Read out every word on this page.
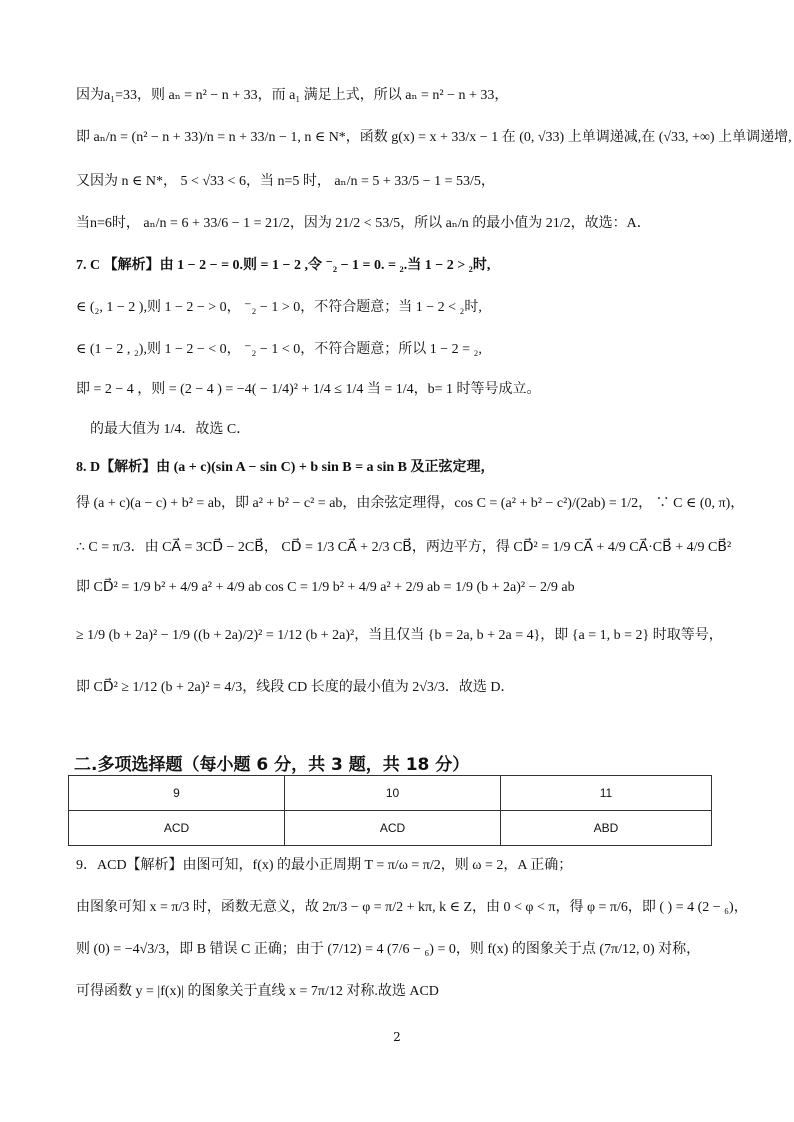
因为a₁=33，则 aₙ = n² − n + 33，而 a₁ 满足上式，所以 aₙ = n² − n + 33，
即 aₙ/n = (n² − n + 33)/n = n + 33/n − 1, n ∈ N*，函数 g(x) = x + 33/x − 1 在 (0, √33) 上单调递减,在 (√33, +∞) 上单调递增,
又因为 n ∈ N*， 5 < √33 < 6，当 n=5 时， aₙ/n = 5 + 33/5 − 1 = 53/5，
当n=6时， aₙ/n = 6 + 33/6 − 1 = 21/2，因为 21/2 < 53/5，所以 aₙ/n 的最小值为 21/2，故选：A．
7. C 【解析】由 1 − 2 − = 0.则 = 1 − 2 ,令 ⁻₂ − 1 = 0. = ₂.当 1 − 2 > ₂时,
∈ (₂, 1 − 2 ),则 1 − 2 − > 0， ⁻₂ − 1 > 0，不符合题意；当 1 − 2 < ₂时,
∈ (1 − 2 , ₂),则 1 − 2 − < 0， ⁻₂ − 1 < 0，不符合题意；所以 1 − 2 = ₂,
即 = 2 − 4 ，则 = (2 − 4 ) = −4( − 1/4)² + 1/4 ≤ 1/4 当 = 1/4，b= 1 时等号成立。
的最大值为 1/4．故选 C．
8. D【解析】由 (a + c)(sin A − sin C) + b sin B = a sin B 及正弦定理，
得 (a + c)(a − c) + b² = ab，即 a² + b² − c² = ab，由余弦定理得，cos C = (a² + b² − c²)/(2ab) = 1/2， ∵ C ∈ (0, π)，
∴ C = π/3．由 CA⃗ = 3CD⃗ − 2CB⃗， CD⃗ = 1/3 CA⃗ + 2/3 CB⃗，两边平方，得 CD⃗² = 1/9 CA⃗ + 4/9 CA⃗·CB⃗ + 4/9 CB⃗²
即 CD⃗² = 1/9 b² + 4/9 a² + 4/9 ab cos C = 1/9 b² + 4/9 a² + 2/9 ab = 1/9 (b + 2a)² − 2/9 ab
≥ 1/9 (b + 2a)² − 1/9 ((b + 2a)/2)² = 1/12 (b + 2a)²，当且仅当 {b = 2a, b + 2a = 4}，即 {a = 1, b = 2} 时取等号，
即 CD⃗² ≥ 1/12 (b + 2a)² = 4/3，线段 CD 长度的最小值为 2√3/3．故选 D．
二.多项选择题（每小题 6 分，共 3 题，共 18 分）
9	10	11
ACD	ACD	ABD
9．ACD【解析】由图可知，f(x) 的最小正周期 T = π/ω = π/2，则 ω = 2，A 正确；
由图象可知 x = π/3 时，函数无意义，故 2π/3 − φ = π/2 + kπ, k ∈ Z，由 0 < φ < π，得 φ = π/6，即 ( ) = 4 (2 − ₆)，
则 (0) = −4√3/3，即 B 错误 C 正确；由于 (7/12) = 4 (7/6 − ₆) = 0，则 f(x) 的图象关于点 (7π/12, 0) 对称，
可得函数 y = |f(x)| 的图象关于直线 x = 7π/12 对称.故选 ACD
2
